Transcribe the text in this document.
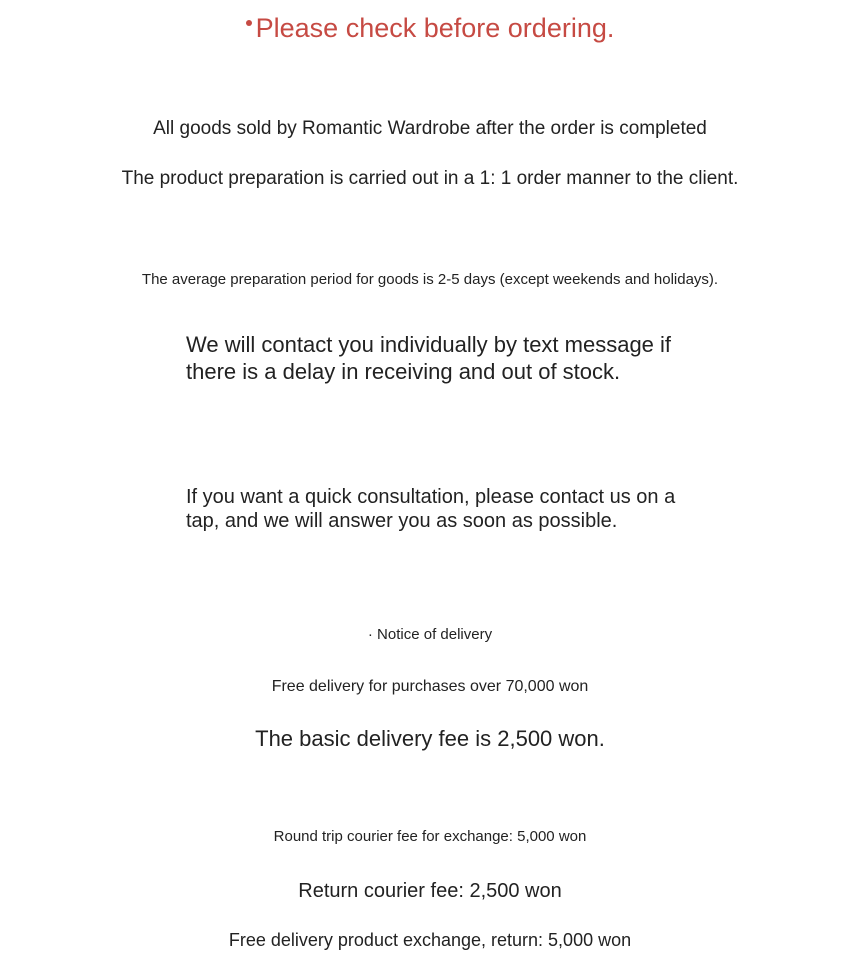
Please check before ordering.
All goods sold by Romantic Wardrobe after the order is completed
The product preparation is carried out in a 1: 1 order manner to the client.
The average preparation period for goods is 2-5 days (except weekends and holidays).
We will contact you individually by text message if there is a delay in receiving and out of stock.
If you want a quick consultation, please contact us on a tap, and we will answer you as soon as possible.
· Notice of delivery
Free delivery for purchases over 70,000 won
The basic delivery fee is 2,500 won.
Round trip courier fee for exchange: 5,000 won
Return courier fee: 2,500 won
Free delivery product exchange, return: 5,000 won
